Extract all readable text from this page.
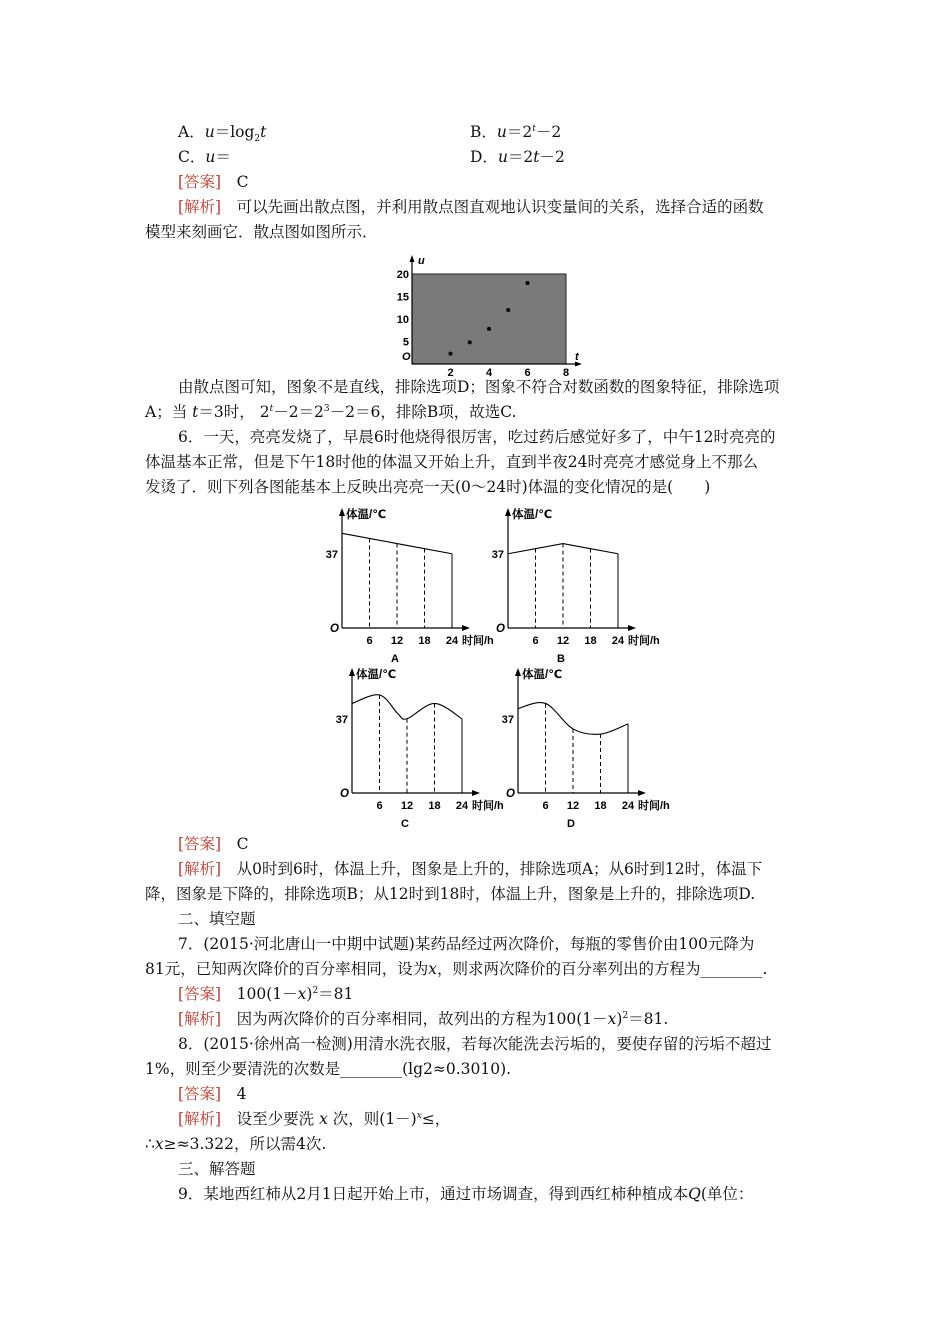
A．$u=\log_2t$	B．$u=2^t-2$
C．u＝	D．u＝2t－2
[答案]　 C
[解析]　 可以先画出散点图，并利用散点图直观地认识变量间的关系，选择合适的函数
模型来刻画它．散点图如图所示．
u
t
O
5
10
15
20
2	4	6	8
由散点图可知，图象不是直线，排除选项D；图象不符合对数函数的图象特征，排除选项
A；当 t＝3时， $2^t-2=2^3-2=6$，排除B项，故选C.
6．一天，亮亮发烧了，早晨6时他烧得很厉害，吃过药后感觉好多了，中午12时亮亮的
体温基本正常，但是下午18时他的体温又开始上升，直到半夜24时亮亮才感觉身上不那么
发烫了．则下列各图能基本上反映出亮亮一天(0～24时)体温的变化情况的是(　　)
体温/℃
O
37
6 12 18 24 时间/h
A
体温/℃
O
37
6 12 18 24 时间/h
B
体温/℃
O
37
6 12 18 24 时间/h
C
体温/℃
O
37
6 12 18 24 时间/h
D
[答案]　 C
[解析]　 从0时到6时，体温上升，图象是上升的，排除选项A；从6时到12时，体温下
降，图象是下降的，排除选项B；从12时到18时，体温上升，图象是上升的，排除选项D.
二、填空题
7．(2015·河北唐山一中期中试题)某药品经过两次降价，每瓶的零售价由100元降为
81元，已知两次降价的百分率相同，设为x，则求两次降价的百分率列出的方程为________.
[答案]　 $100(1-x)^2=81$
[解析]　 因为两次降价的百分率相同，故列出的方程为$100(1-x)^2=81$.
8．(2015·徐州高一检测)用清水洗衣服，若每次能洗去污垢的，要使存留的污垢不超过
1%，则至少要清洗的次数是________(lg2≈0.3010).
[答案]　 4
[解析]　 设至少要洗 x 次，则$(1-)^x\le$，
∴x≥≈3.322，所以需4次.
三、解答题
9．某地西红柿从2月1日起开始上市，通过市场调查，得到西红柿种植成本Q(单位：
